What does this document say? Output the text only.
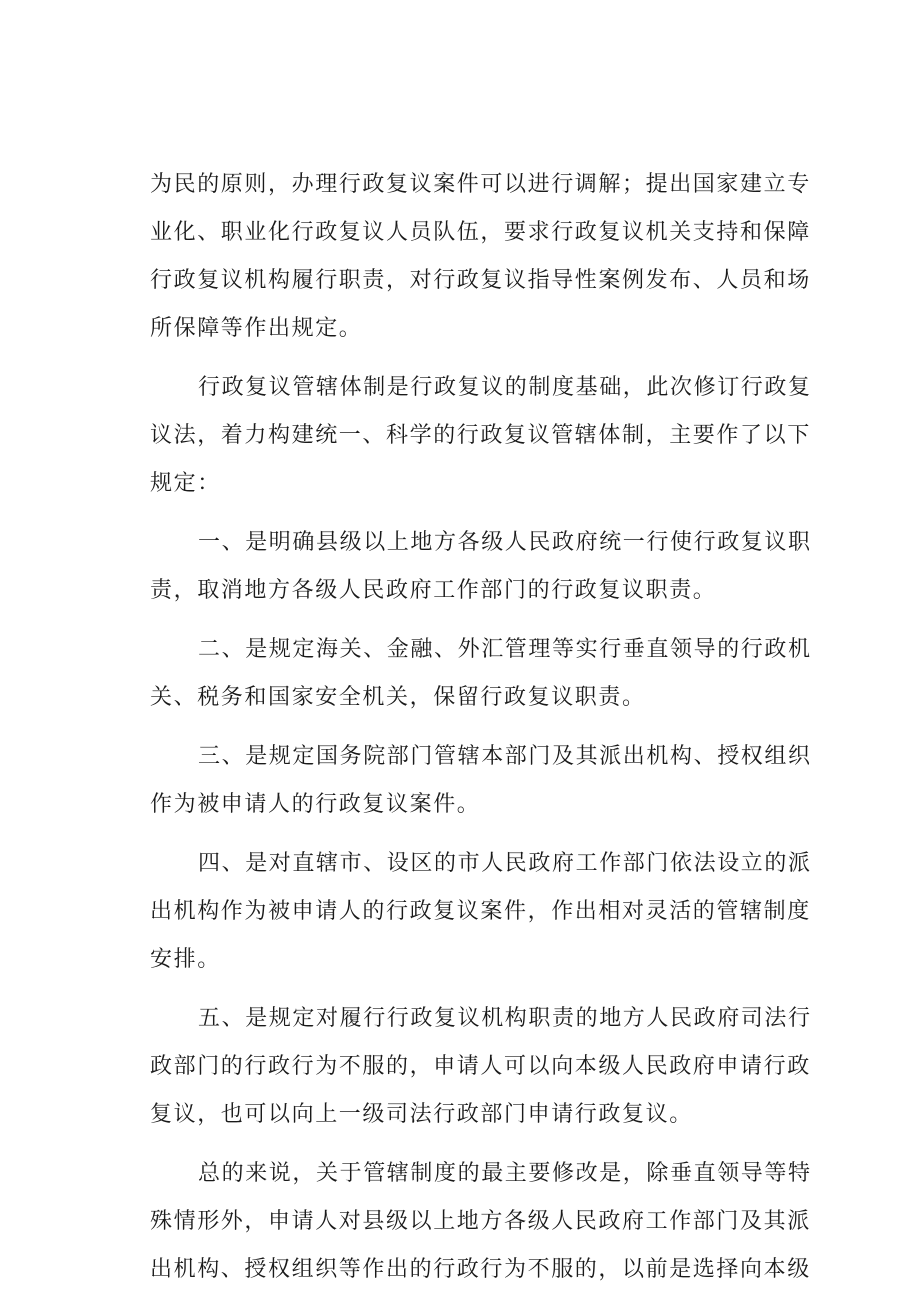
为民的原则，办理行政复议案件可以进行调解；提出国家建立专
业化、职业化行政复议人员队伍，要求行政复议机关支持和保障
行政复议机构履行职责，对行政复议指导性案例发布、人员和场
所保障等作出规定。

行政复议管辖体制是行政复议的制度基础，此次修订行政复
议法，着力构建统一、科学的行政复议管辖体制，主要作了以下
规定：

一、是明确县级以上地方各级人民政府统一行使行政复议职
责，取消地方各级人民政府工作部门的行政复议职责。

二、是规定海关、金融、外汇管理等实行垂直领导的行政机
关、税务和国家安全机关，保留行政复议职责。

三、是规定国务院部门管辖本部门及其派出机构、授权组织
作为被申请人的行政复议案件。

四、是对直辖市、设区的市人民政府工作部门依法设立的派
出机构作为被申请人的行政复议案件，作出相对灵活的管辖制度
安排。

五、是规定对履行行政复议机构职责的地方人民政府司法行
政部门的行政行为不服的，申请人可以向本级人民政府申请行政
复议，也可以向上一级司法行政部门申请行政复议。

总的来说，关于管辖制度的最主要修改是，除垂直领导等特
殊情形外，申请人对县级以上地方各级人民政府工作部门及其派
出机构、授权组织等作出的行政行为不服的，以前是选择向本级
